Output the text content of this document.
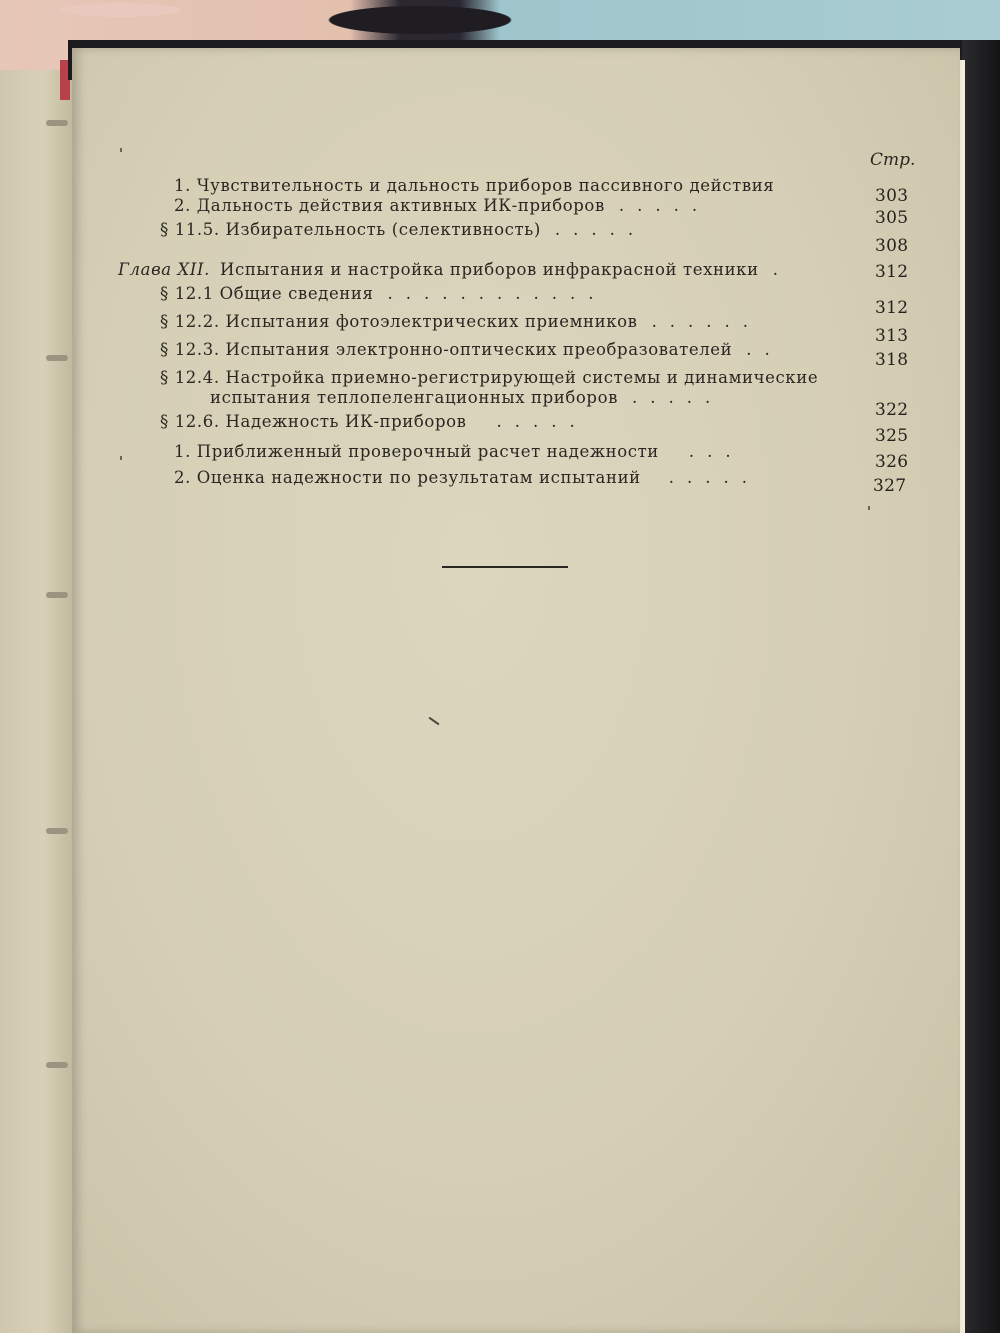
Стр.
1. Чувствительность и дальность приборов пассивного действия
303
2. Дальность действия активных ИК-приборов .....
305
§ 11.5. Избирательность (селективность) .....
308
Глава XII. Испытания и настройка приборов инфракрасной техники .	312
§ 12.1 Общие сведения ............
312
§ 12.2. Испытания фотоэлектрических приемников ......
313
§ 12.3. Испытания электронно-оптических преобразователей ..
318
§ 12.4. Настройка приемно-регистрирующей системы и динамические
испытания теплопеленгационных приборов .....
322
§ 12.6. Надежность ИК-приборов .....
325
1. Приближенный проверочный расчет надежности ...
326
2. Оценка надежности по результатам испытаний .....	327
